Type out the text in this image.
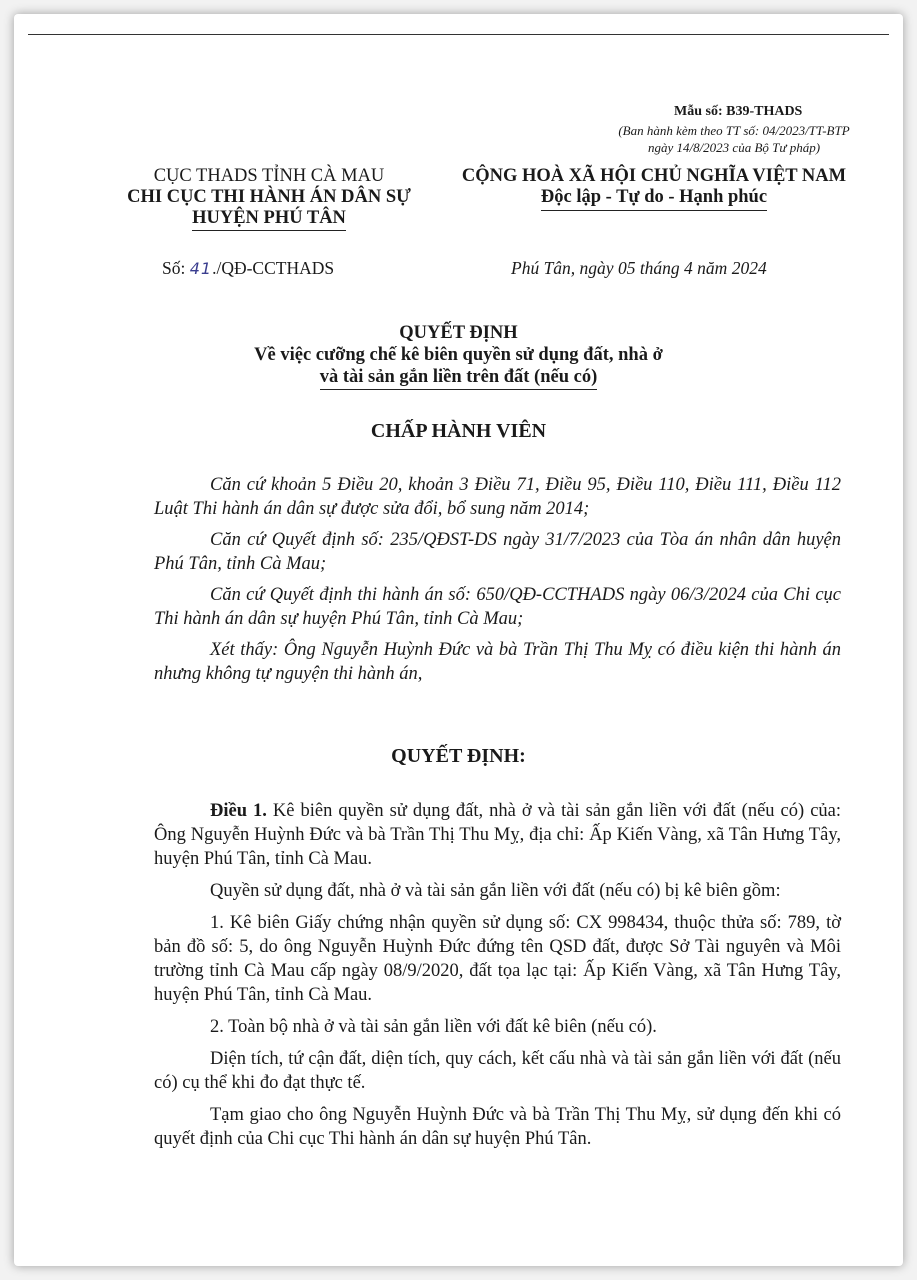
Mẫu số: B39-THADS
(Ban hành kèm theo TT số: 04/2023/TT-BTP
ngày 14/8/2023 của Bộ Tư pháp)
CỤC THADS TỈNH CÀ MAU
CHI CỤC THI HÀNH ÁN DÂN SỰ
HUYỆN PHÚ TÂN
CỘNG HOÀ XÃ HỘI CHỦ NGHĨA VIỆT NAM
Độc lập - Tự do - Hạnh phúc
Số: 41./QĐ-CCTHADS	Phú Tân, ngày 05 tháng 4 năm 2024
QUYẾT ĐỊNH
Về việc cưỡng chế kê biên quyền sử dụng đất, nhà ở
và tài sản gắn liền trên đất (nếu có)
CHẤP HÀNH VIÊN

Căn cứ khoản 5 Điều 20, khoản 3 Điều 71, Điều 95, Điều 110, Điều 111, Điều 112 Luật Thi hành án dân sự được sửa đổi, bổ sung năm 2014;

Căn cứ Quyết định số: 235/QĐST-DS ngày 31/7/2023 của Tòa án nhân dân huyện Phú Tân, tỉnh Cà Mau;

Căn cứ Quyết định thi hành án số: 650/QĐ-CCTHADS ngày 06/3/2024 của Chi cục Thi hành án dân sự huyện Phú Tân, tỉnh Cà Mau;

Xét thấy: Ông Nguyễn Huỳnh Đức và bà Trần Thị Thu Mỵ có điều kiện thi hành án nhưng không tự nguyện thi hành án,

QUYẾT ĐỊNH:

Điều 1. Kê biên quyền sử dụng đất, nhà ở và tài sản gắn liền với đất (nếu có) của: Ông Nguyễn Huỳnh Đức và bà Trần Thị Thu Mỵ, địa chỉ: Ấp Kiến Vàng, xã Tân Hưng Tây, huyện Phú Tân, tỉnh Cà Mau.

Quyền sử dụng đất, nhà ở và tài sản gắn liền với đất (nếu có) bị kê biên gồm:

1. Kê biên Giấy chứng nhận quyền sử dụng số: CX 998434, thuộc thửa số: 789, tờ bản đồ số: 5, do ông Nguyễn Huỳnh Đức đứng tên QSD đất, được Sở Tài nguyên và Môi trường tỉnh Cà Mau cấp ngày 08/9/2020, đất tọa lạc tại: Ấp Kiến Vàng, xã Tân Hưng Tây, huyện Phú Tân, tỉnh Cà Mau.

2. Toàn bộ nhà ở và tài sản gắn liền với đất kê biên (nếu có).

Diện tích, tứ cận đất, diện tích, quy cách, kết cấu nhà và tài sản gắn liền với đất (nếu có) cụ thể khi đo đạt thực tế.

Tạm giao cho ông Nguyễn Huỳnh Đức và bà Trần Thị Thu Mỵ, sử dụng đến khi có quyết định của Chi cục Thi hành án dân sự huyện Phú Tân.
